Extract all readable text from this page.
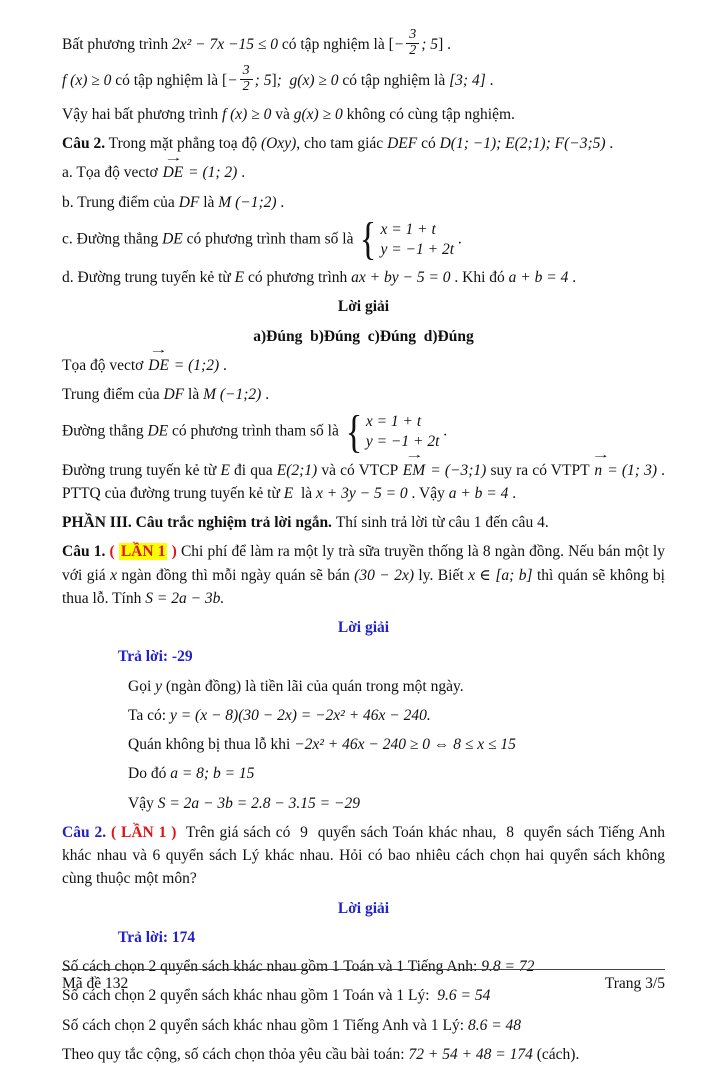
Bất phương trình 2x² − 7x −15 ≤ 0 có tập nghiệm là [− $\frac{3}{2}$ ; 5] .

f (x) ≥ 0 có tập nghiệm là [− $\frac{3}{2}$ ; 5];  g(x) ≥ 0 có tập nghiệm là [3; 4] .

Vậy hai bất phương trình f (x) ≥ 0 và g(x) ≥ 0 không có cùng tập nghiệm.

Câu 2. Trong mặt phẳng toạ độ (Oxy), cho tam giác DEF có D(1; −1); E(2;1); F(−3;5) .

a. Tọa độ vectơ
→
DE = (1; 2) .

b. Trung điểm của DF là M (−1;2) .

c. Đường thẳng DE có phương trình tham số là { x = 1 + t
y = −1 + 2t
.

d. Đường trung tuyến kẻ từ E có phương trình ax + by − 5 = 0 . Khi đó a + b = 4 .

Lời giải

a)Đúng  b)Đúng  c)Đúng  d)Đúng

Tọa độ vectơ
→
DE = (1;2) .

Trung điểm của DF là M (−1;2) .

Đường thẳng DE có phương trình tham số là { x = 1 + t
y = −1 + 2t
.

Đường trung tuyến kẻ từ E đi qua E(2;1) và có VTCP
→
EM = (−3;1) suy ra có VTPT
→
n = (1; 3) . PTTQ của đường trung tuyến kẻ từ E  là x + 3y − 5 = 0 . Vậy a + b = 4 .

PHẦN III. Câu trắc nghiệm trả lời ngắn. Thí sinh trả lời từ câu 1 đến câu 4.

Câu 1. ( LẦN 1 ) Chi phí để làm ra một ly trà sữa truyền thống là 8 ngàn đồng. Nếu bán một ly với giá x ngàn đồng thì mỗi ngày quán sẽ bán (30 − 2x) ly. Biết x ∈ [a; b] thì quán sẽ không bị thua lỗ. Tính S = 2a − 3b.

Lời giải

Trả lời: -29

Gọi y (ngàn đồng) là tiền lãi của quán trong một ngày.

Ta có: y = (x − 8)(30 − 2x) = −2x² + 46x − 240.

Quán không bị thua lỗ khi −2x² + 46x − 240 ≥ 0 ⇔ 8 ≤ x ≤ 15

Do đó a = 8; b = 15

Vậy S = 2a − 3b = 2.8 − 3.15 = −29

Câu 2. ( LẦN 1 )  Trên giá sách có  9  quyển sách Toán khác nhau,  8  quyển sách Tiếng Anh khác nhau và 6 quyển sách Lý khác nhau. Hỏi có bao nhiêu cách chọn hai quyển sách không cùng thuộc một môn?

Lời giải

Trả lời: 174

Số cách chọn 2 quyển sách khác nhau gồm 1 Toán và 1 Tiếng Anh: 9.8 = 72

Số cách chọn 2 quyển sách khác nhau gồm 1 Toán và 1 Lý:  9.6 = 54

Số cách chọn 2 quyển sách khác nhau gồm 1 Tiếng Anh và 1 Lý: 8.6 = 48

Theo quy tắc cộng, số cách chọn thỏa yêu cầu bài toán: 72 + 54 + 48 = 174 (cách).

Mã đề 132	Trang 3/5
